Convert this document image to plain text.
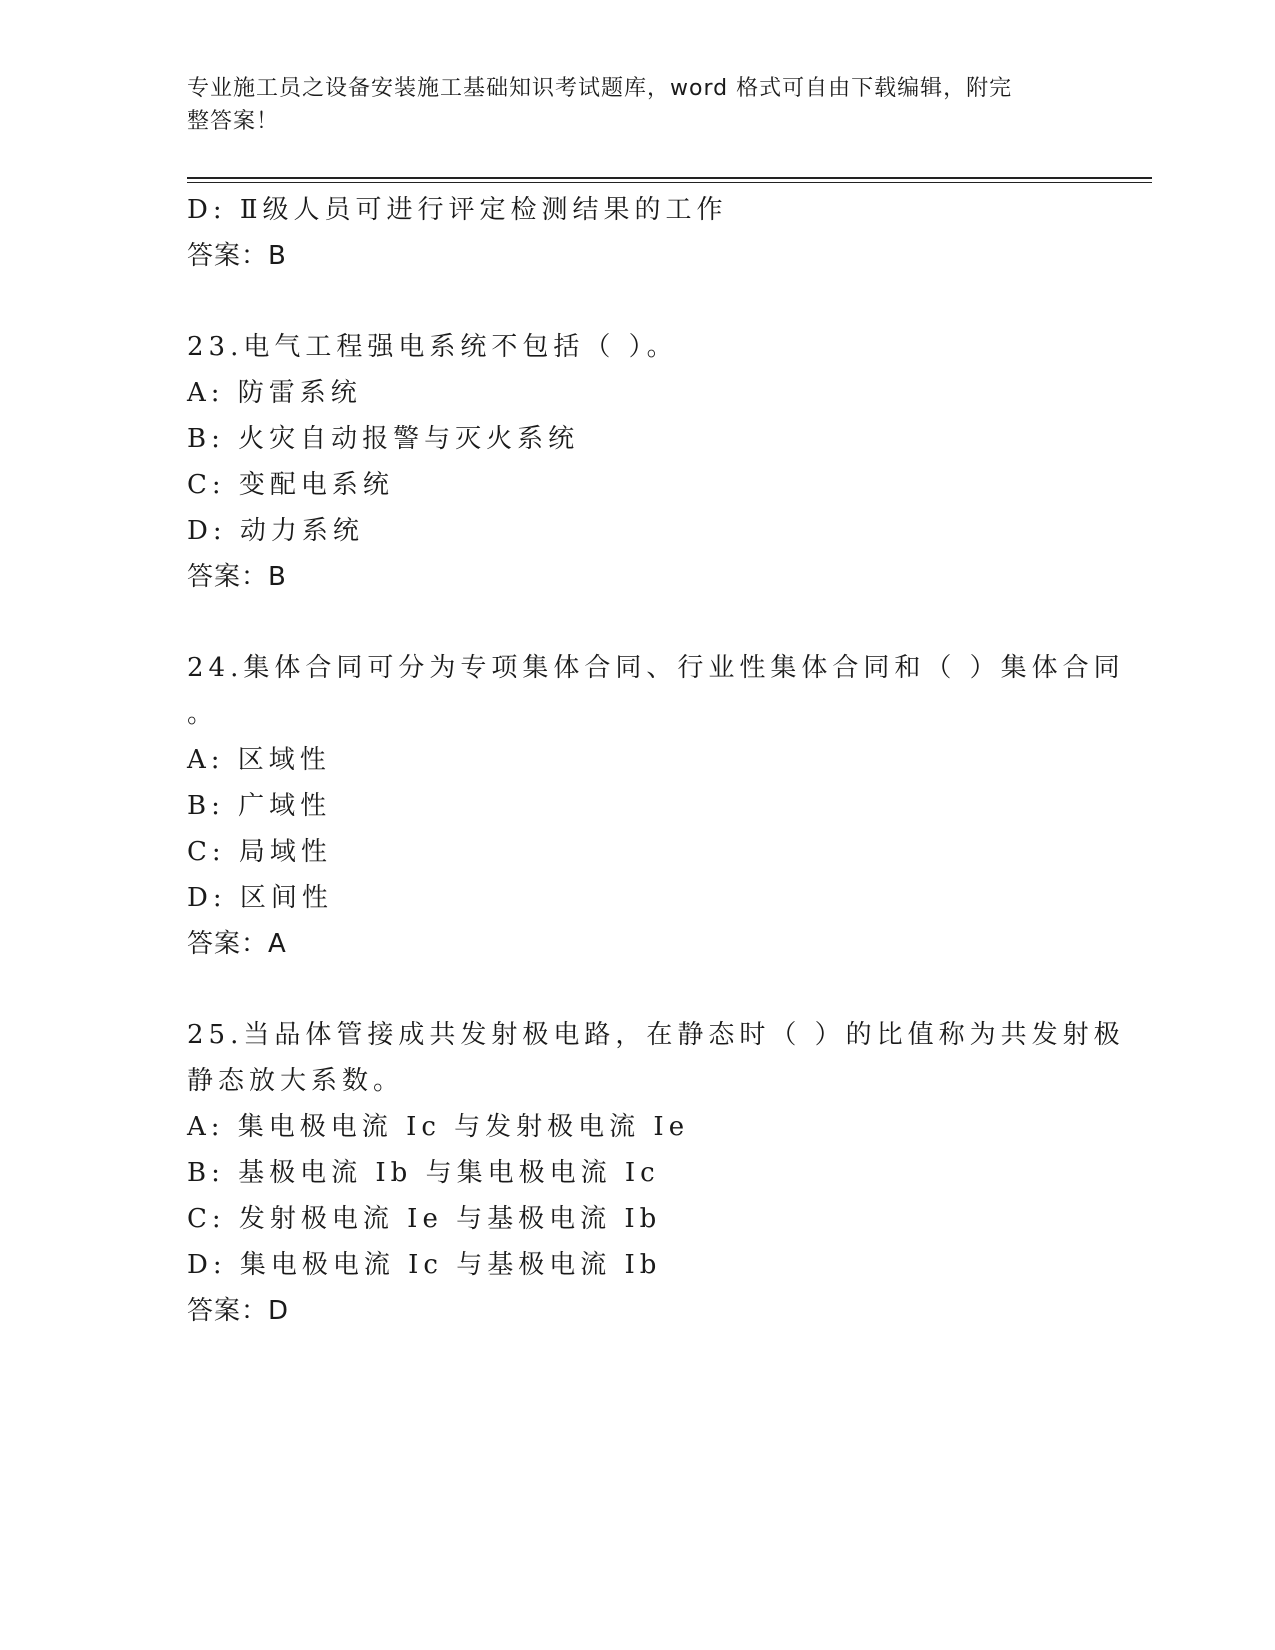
专业施工员之设备安装施工基础知识考试题库，word 格式可自由下载编辑，附完
整答案！
D: Ⅱ级人员可进行评定检测结果的工作
答案：B
23.电气工程强电系统不包括（ ）。
A: 防雷系统
B: 火灾自动报警与灭火系统
C: 变配电系统
D: 动力系统
答案：B
24.集体合同可分为专项集体合同、行业性集体合同和（ ）集体合同
。
A: 区域性
B: 广域性
C: 局域性
D: 区间性
答案：A
25.当品体管接成共发射极电路，在静态时（ ）的比值称为共发射极
静态放大系数。
A: 集电极电流 Ic 与发射极电流 Ie
B: 基极电流 Ib 与集电极电流 Ic
C: 发射极电流 Ie 与基极电流 Ib
D: 集电极电流 Ic 与基极电流 Ib
答案：D
